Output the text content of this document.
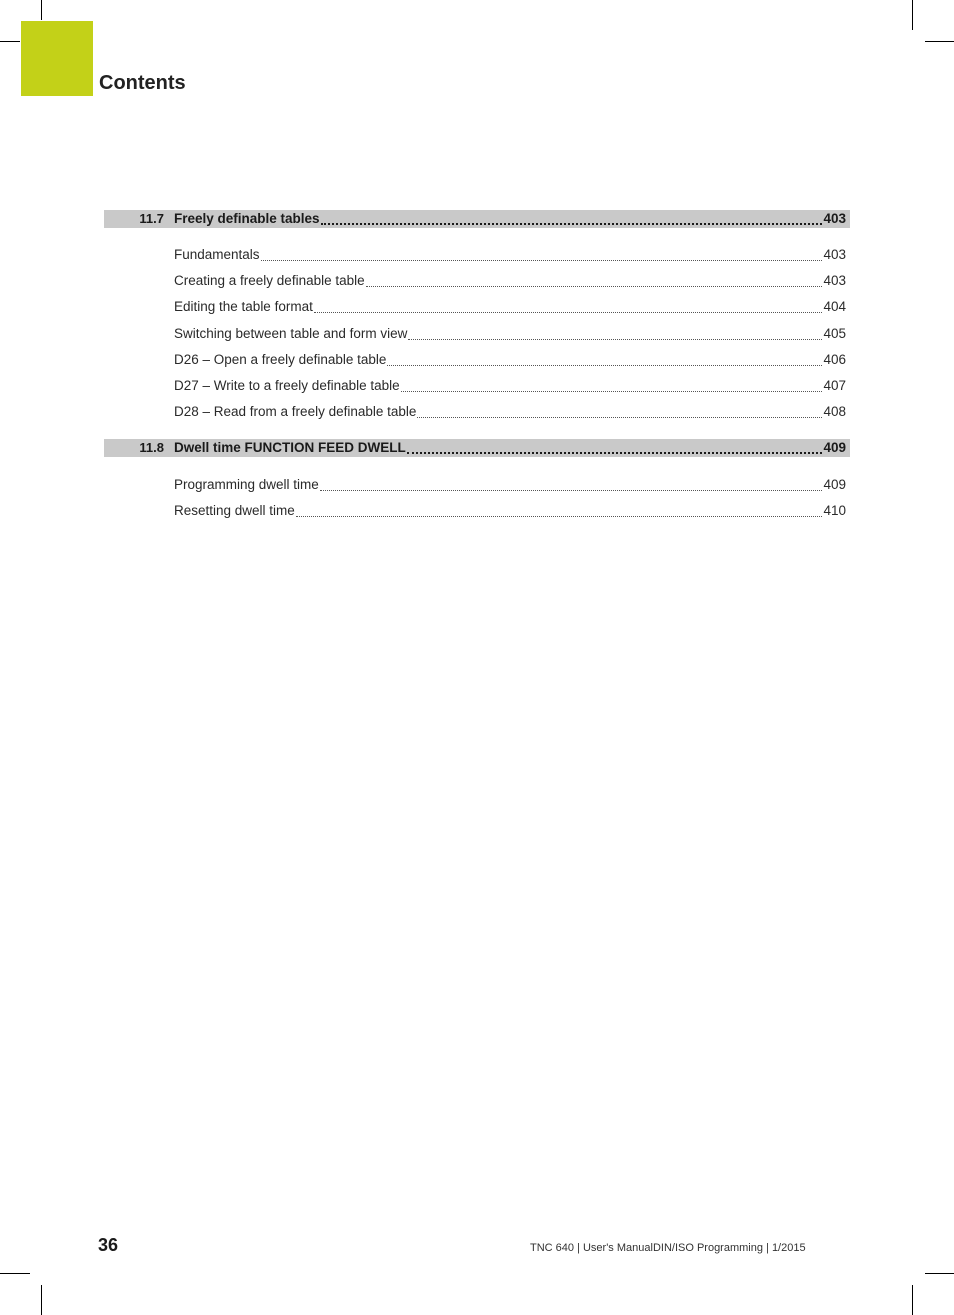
Contents
11.7 Freely definable tables	403
Fundamentals	403
Creating a freely definable table	403
Editing the table format	404
Switching between table and form view	405
D26 – Open a freely definable table	406
D27 – Write to a freely definable table	407
D28 – Read from a freely definable table	408
11.8 Dwell time FUNCTION FEED DWELL	409
Programming dwell time	409
Resetting dwell time	410
36	TNC 640 | User's ManualDIN/ISO Programming | 1/2015
